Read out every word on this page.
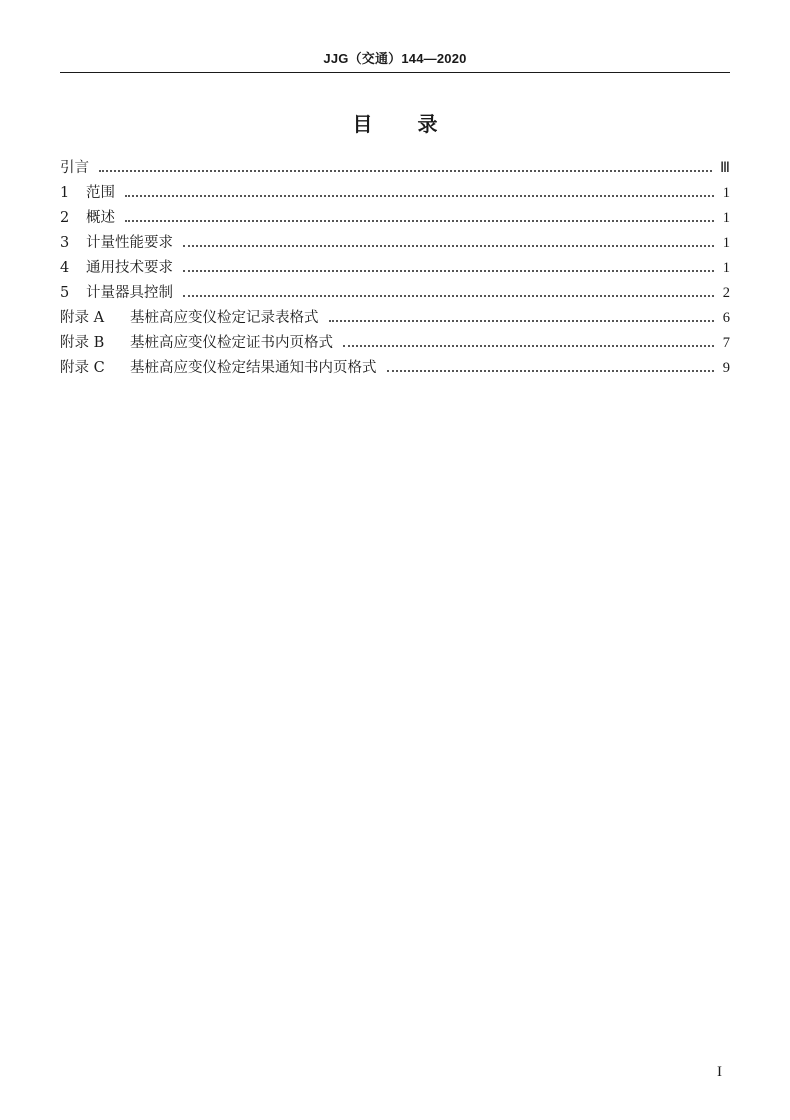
JJG（交通）144—2020
目 录
引言	Ⅲ
1	范围	1
2	概述	1
3	计量性能要求	1
4	通用技术要求	1
5	计量器具控制	2
附录 A	基桩高应变仪检定记录表格式	6
附录 B	基桩高应变仪检定证书内页格式	7
附录 C	基桩高应变仪检定结果通知书内页格式	9
I
